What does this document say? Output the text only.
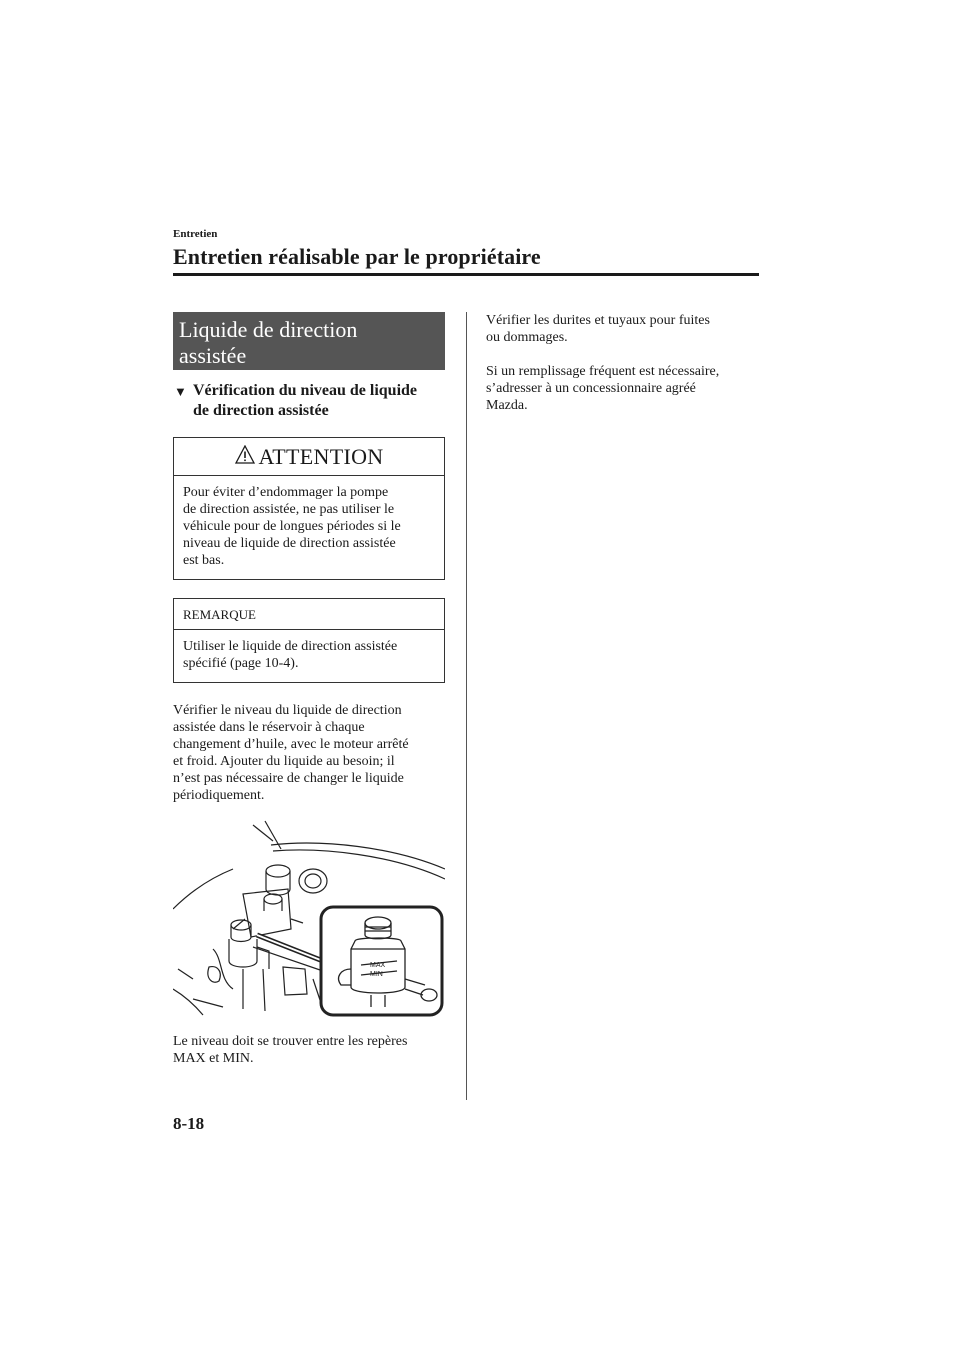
Entretien
Entretien réalisable par le propriétaire
Liquide de direction
assistée
▼ Vérification du niveau de liquide
de direction assistée
ATTENTION
Pour éviter d’endommager la pompe
de direction assistée, ne pas utiliser le
véhicule pour de longues périodes si le
niveau de liquide de direction assistée
est bas.
REMARQUE
Utiliser le liquide de direction assistée
spécifié (page 10-4).
Vérifier le niveau du liquide de direction
assistée dans le réservoir à chaque
changement d’huile, avec le moteur arrêté
et froid. Ajouter du liquide au besoin; il
n’est pas nécessaire de changer le liquide
périodiquement.
MAX
MIN
Le niveau doit se trouver entre les repères
MAX et MIN.

Vérifier les durites et tuyaux pour fuites
ou dommages.

Si un remplissage fréquent est nécessaire,
s’adresser à un concessionnaire agréé
Mazda.

8-18
